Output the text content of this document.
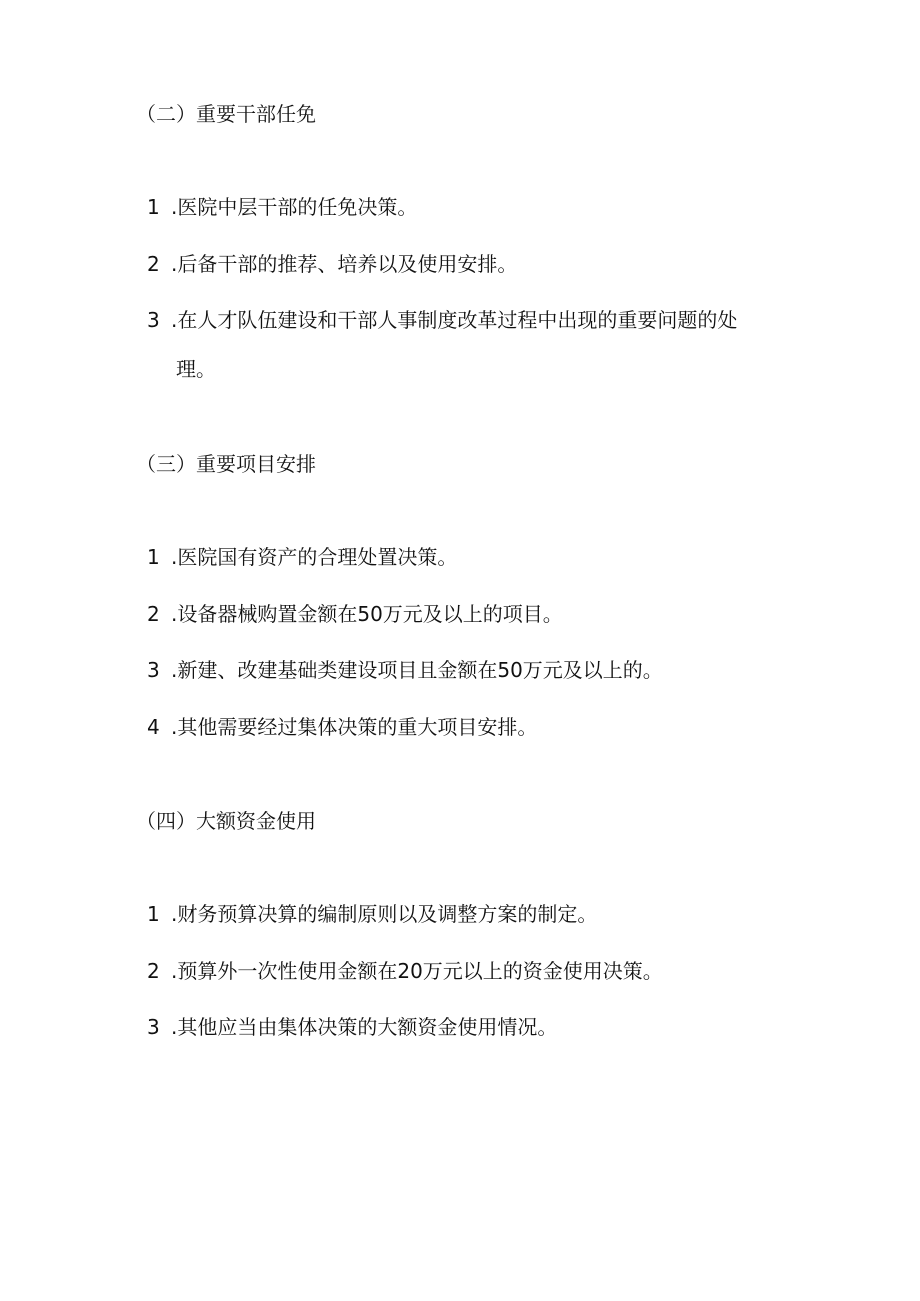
（二）重要干部任免
1 .医院中层干部的任免决策。
2 .后备干部的推荐、培养以及使用安排。
3 .在人才队伍建设和干部人事制度改革过程中出现的重要问题的处
理。
（三）重要项目安排
1 .医院国有资产的合理处置决策。
2 .设备器械购置金额在50万元及以上的项目。
3 .新建、改建基础类建设项目且金额在50万元及以上的。
4 .其他需要经过集体决策的重大项目安排。
（四）大额资金使用
1 .财务预算决算的编制原则以及调整方案的制定。
2 .预算外一次性使用金额在20万元以上的资金使用决策。
3 .其他应当由集体决策的大额资金使用情况。
